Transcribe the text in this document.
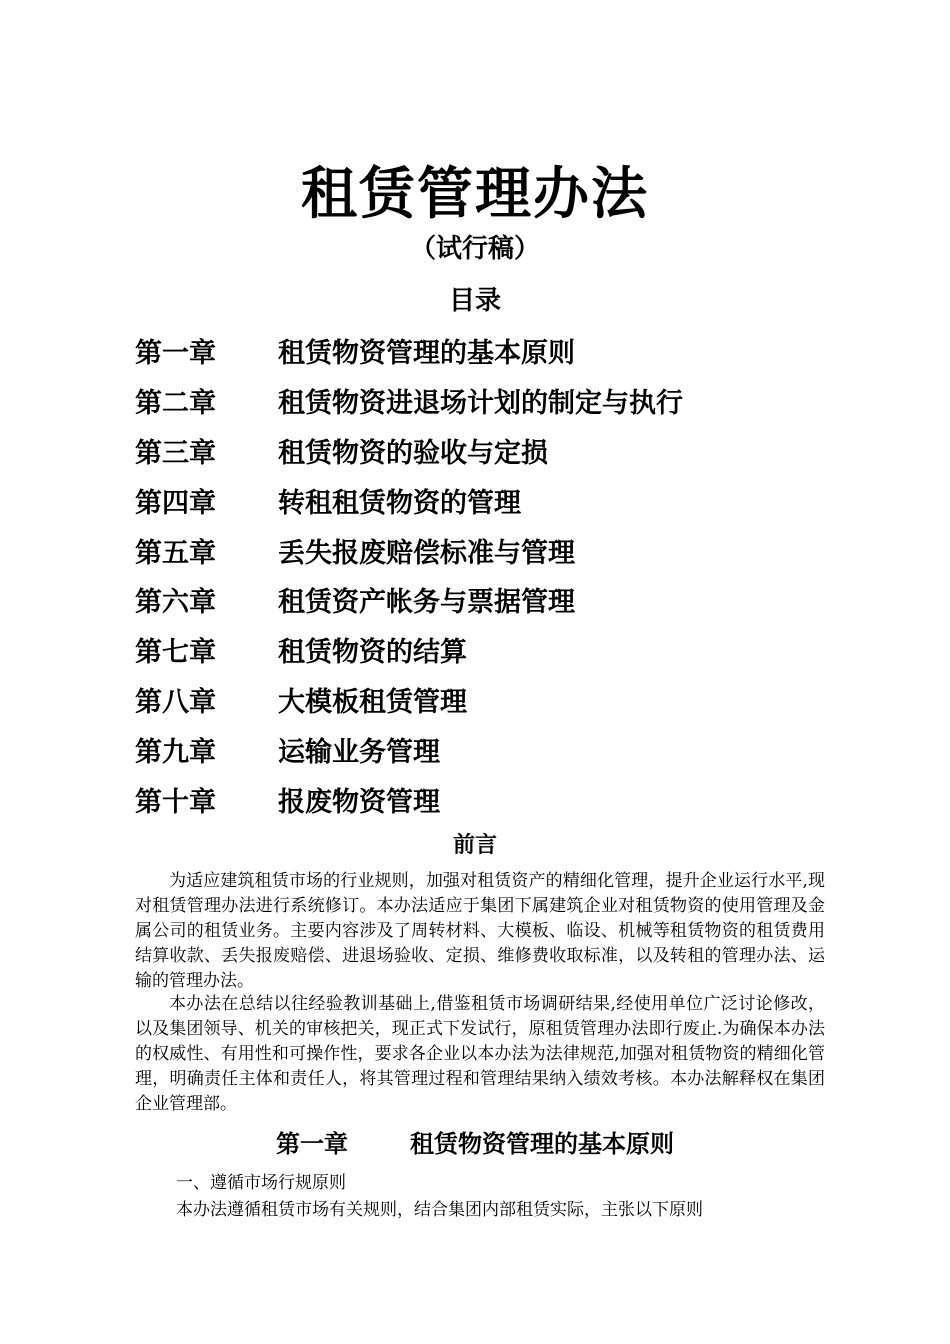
租赁管理办法
（试行稿）
目录
第一章	租赁物资管理的基本原则
第二章	租赁物资进退场计划的制定与执行
第三章	租赁物资的验收与定损
第四章	转租租赁物资的管理
第五章	丢失报废赔偿标准与管理
第六章	租赁资产帐务与票据管理
第七章	租赁物资的结算
第八章	大模板租赁管理
第九章	运输业务管理
第十章	报废物资管理
前言
为适应建筑租赁市场的行业规则，加强对租赁资产的精细化管理，提升企业运行水平,现对租赁管理办法进行系统修订。本办法适应于集团下属建筑企业对租赁物资的使用管理及金属公司的租赁业务。主要内容涉及了周转材料、大模板、临设、机械等租赁物资的租赁费用结算收款、丢失报废赔偿、进退场验收、定损、维修费收取标准，以及转租的管理办法、运输的管理办法。
本办法在总结以往经验教训基础上,借鉴租赁市场调研结果,经使用单位广泛讨论修改，以及集团领导、机关的审核把关，现正式下发试行，原租赁管理办法即行废止.为确保本办法的权威性、有用性和可操作性，要求各企业以本办法为法律规范,加强对租赁物资的精细化管理，明确责任主体和责任人，将其管理过程和管理结果纳入绩效考核。本办法解释权在集团企业管理部。
第一章	租赁物资管理的基本原则
一、遵循市场行规原则
本办法遵循租赁市场有关规则，结合集团内部租赁实际，主张以下原则
